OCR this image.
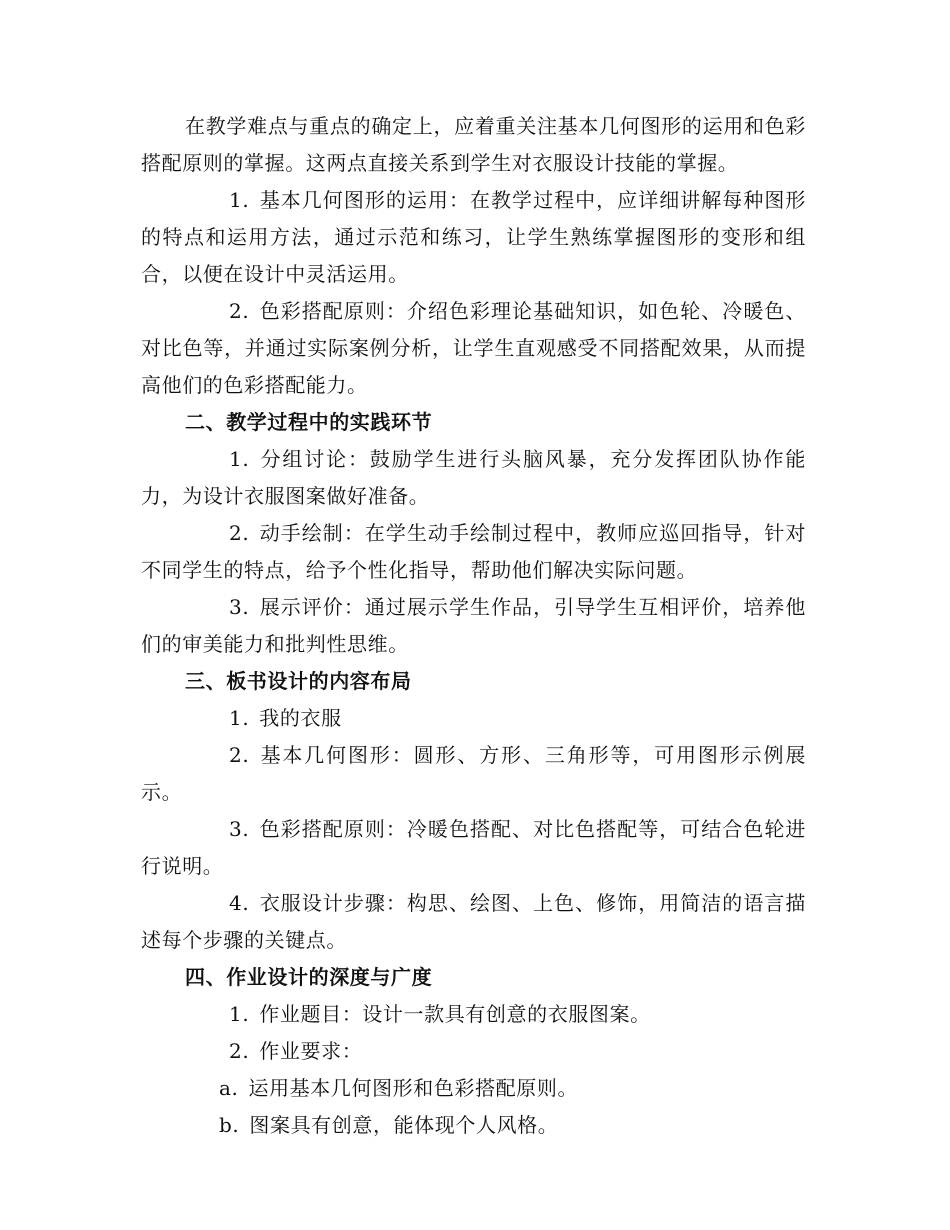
在教学难点与重点的确定上，应着重关注基本几何图形的运用和色彩搭配原则的掌握。这两点直接关系到学生对衣服设计技能的掌握。

1. 基本几何图形的运用：在教学过程中，应详细讲解每种图形的特点和运用方法，通过示范和练习，让学生熟练掌握图形的变形和组合，以便在设计中灵活运用。

2. 色彩搭配原则：介绍色彩理论基础知识，如色轮、冷暖色、对比色等，并通过实际案例分析，让学生直观感受不同搭配效果，从而提高他们的色彩搭配能力。

二、教学过程中的实践环节

1. 分组讨论：鼓励学生进行头脑风暴，充分发挥团队协作能力，为设计衣服图案做好准备。

2. 动手绘制：在学生动手绘制过程中，教师应巡回指导，针对不同学生的特点，给予个性化指导，帮助他们解决实际问题。

3. 展示评价：通过展示学生作品，引导学生互相评价，培养他们的审美能力和批判性思维。

三、板书设计的内容布局

1. 我的衣服

2. 基本几何图形：圆形、方形、三角形等，可用图形示例展示。

3. 色彩搭配原则：冷暖色搭配、对比色搭配等，可结合色轮进行说明。

4. 衣服设计步骤：构思、绘图、上色、修饰，用简洁的语言描述每个步骤的关键点。

四、作业设计的深度与广度

1. 作业题目：设计一款具有创意的衣服图案。

2. 作业要求：

a. 运用基本几何图形和色彩搭配原则。

b. 图案具有创意，能体现个人风格。
